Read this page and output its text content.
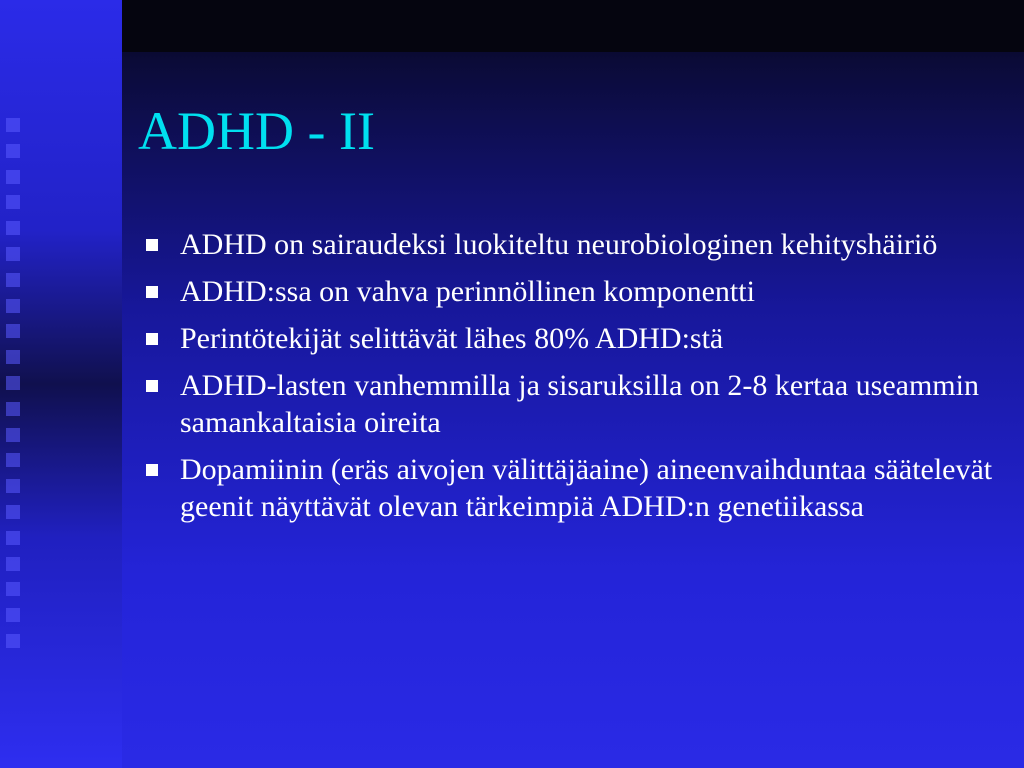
ADHD - II
ADHD on sairaudeksi luokiteltu neurobiologinen kehityshäiriö
ADHD:ssa on vahva perinnöllinen komponentti
Perintötekijät selittävät lähes 80% ADHD:stä
ADHD-lasten vanhemmilla ja sisaruksilla on 2-8 kertaa useammin samankaltaisia oireita
Dopamiinin (eräs aivojen välittäjäaine) aineenvaihduntaa säätelevät geenit näyttävät olevan tärkeimpiä ADHD:n genetiikassa
